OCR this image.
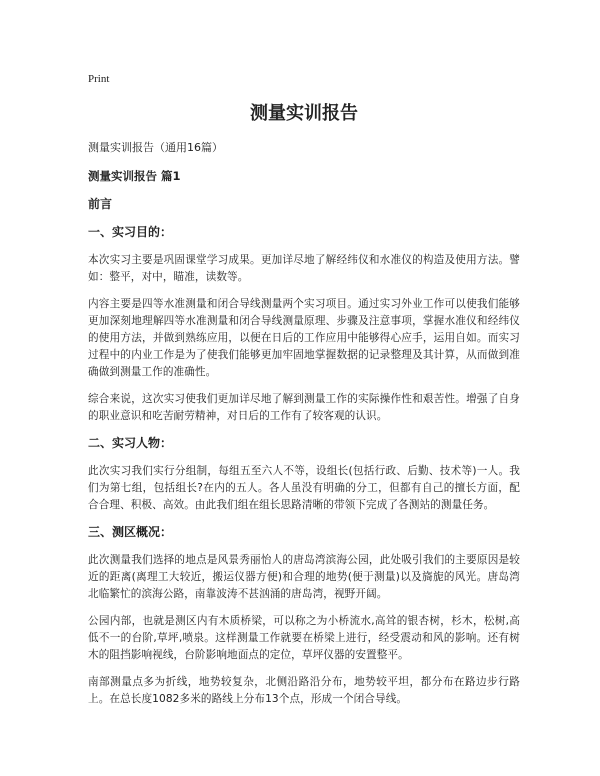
Print
测量实训报告
测量实训报告（通用16篇）
测量实训报告 篇1
前言
一、实习目的：
本次实习主要是巩固课堂学习成果。更加详尽地了解经纬仪和水准仪的构造及使用方法。譬如：整平，对中，瞄准，读数等。
内容主要是四等水准测量和闭合导线测量两个实习项目。通过实习外业工作可以使我们能够更加深刻地理解四等水准测量和闭合导线测量原理、步骤及注意事项，掌握水准仪和经纬仪的使用方法，并做到熟练应用，以便在日后的工作应用中能够得心应手，运用自如。而实习过程中的内业工作是为了使我们能够更加牢固地掌握数据的记录整理及其计算，从而做到准确做到测量工作的准确性。
综合来说，这次实习使我们更加详尽地了解到测量工作的实际操作性和艰苦性。增强了自身的职业意识和吃苦耐劳精神，对日后的工作有了较客观的认识。
二、实习人物：
此次实习我们实行分组制，每组五至六人不等，设组长(包括行政、后勤、技术等)一人。我们为第七组，包括组长?在内的五人。各人虽没有明确的分工，但都有自己的擅长方面，配合合理、积极、高效。由此我们组在组长思路清晰的带领下完成了各测站的测量任务。
三、测区概况：
此次测量我们选择的地点是风景秀丽怡人的唐岛湾滨海公园，此处吸引我们的主要原因是较近的距离(离理工大较近，搬运仪器方便)和合理的地势(便于测量)以及旖旎的风光。唐岛湾北临繁忙的滨海公路，南靠波涛不甚汹涌的唐岛湾，视野开阔。
公园内部，也就是测区内有木质桥梁，可以称之为小桥流水,高耸的银杏树，杉木，松树,高低不一的台阶,草坪,喷泉。这样测量工作就要在桥梁上进行，经受震动和风的影响。还有树木的阻挡影响视线，台阶影响地面点的定位，草坪仪器的安置整平。
南部测量点多为折线，地势较复杂，北侧沿路沿分布，地势较平坦，都分布在路边步行路上。在总长度1082多米的路线上分布13个点，形成一个闭合导线。
